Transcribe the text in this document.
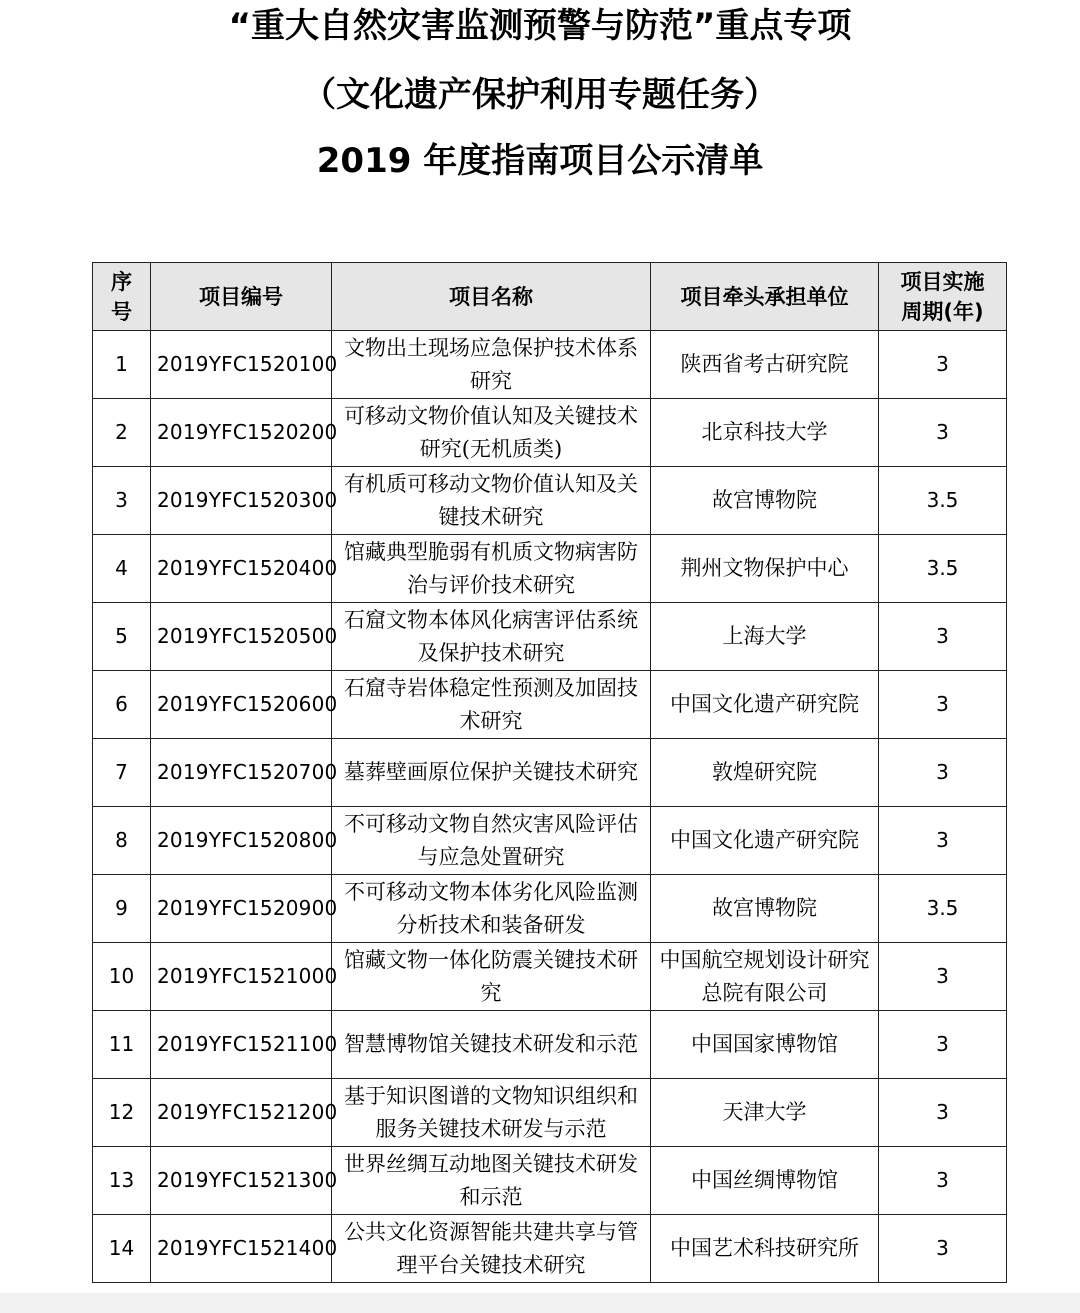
“重大自然灾害监测预警与防范”重点专项
（文化遗产保护利用专题任务）
2019 年度指南项目公示清单
序号	项目编号	项目名称	项目牵头承担单位	项目实施周期(年)
1	2019YFC1520100	文物出土现场应急保护技术体系研究	陕西省考古研究院	3
2	2019YFC1520200	可移动文物价值认知及关键技术研究(无机质类)	北京科技大学	3
3	2019YFC1520300	有机质可移动文物价值认知及关键技术研究	故宫博物院	3.5
4	2019YFC1520400	馆藏典型脆弱有机质文物病害防治与评价技术研究	荆州文物保护中心	3.5
5	2019YFC1520500	石窟文物本体风化病害评估系统及保护技术研究	上海大学	3
6	2019YFC1520600	石窟寺岩体稳定性预测及加固技术研究	中国文化遗产研究院	3
7	2019YFC1520700	墓葬壁画原位保护关键技术研究	敦煌研究院	3
8	2019YFC1520800	不可移动文物自然灾害风险评估与应急处置研究	中国文化遗产研究院	3
9	2019YFC1520900	不可移动文物本体劣化风险监测分析技术和装备研发	故宫博物院	3.5
10	2019YFC1521000	馆藏文物一体化防震关键技术研究	中国航空规划设计研究总院有限公司	3
11	2019YFC1521100	智慧博物馆关键技术研发和示范	中国国家博物馆	3
12	2019YFC1521200	基于知识图谱的文物知识组织和服务关键技术研发与示范	天津大学	3
13	2019YFC1521300	世界丝绸互动地图关键技术研发和示范	中国丝绸博物馆	3
14	2019YFC1521400	公共文化资源智能共建共享与管理平台关键技术研究	中国艺术科技研究所	3
